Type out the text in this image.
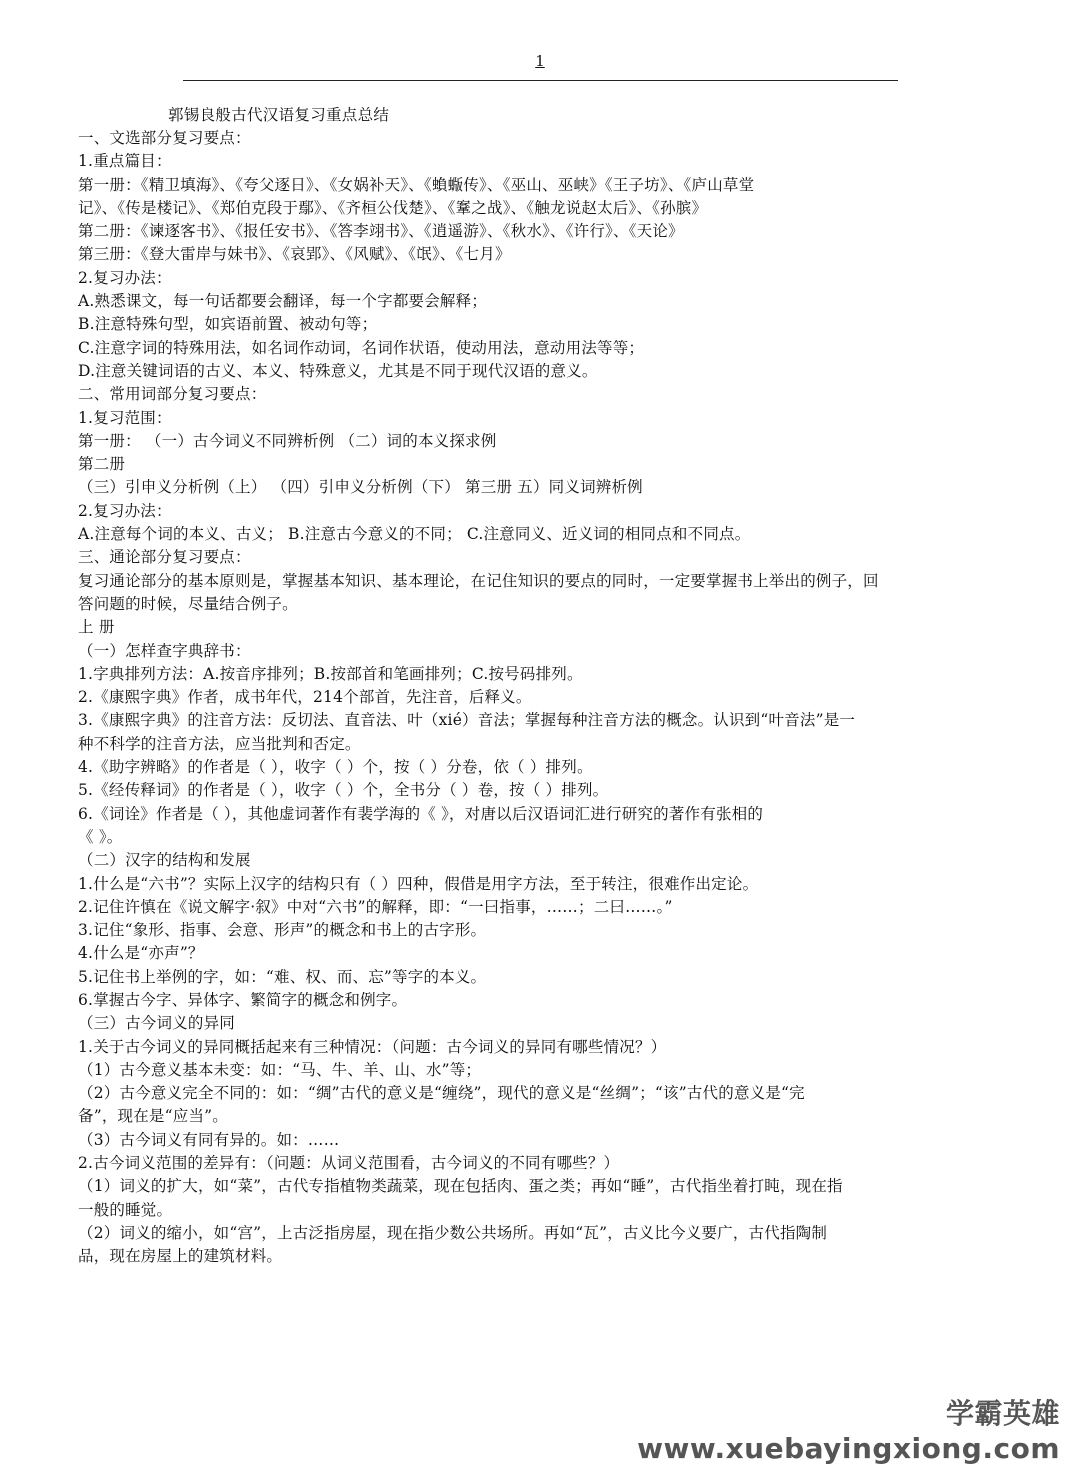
1
郭锡良般古代汉语复习重点总结
一、文选部分复习要点：
1.重点篇目：
第一册：《精卫填海》、《夸父逐日》、《女娲补天》、《蝜蝂传》、《巫山、巫峡》《王子坊》、《庐山草堂
记》、《传是楼记》、《郑伯克段于鄢》、《齐桓公伐楚》、《鞌之战》、《触龙说赵太后》、《孙膑》
第二册：《谏逐客书》、《报任安书》、《答李翊书》、《逍遥游》、《秋水》、《许行》、《天论》
第三册：《登大雷岸与妹书》、《哀郢》、《风赋》、《氓》、《七月》
2.复习办法：
A.熟悉课文，每一句话都要会翻译，每一个字都要会解释；
B.注意特殊句型，如宾语前置、被动句等；
C.注意字词的特殊用法，如名词作动词，名词作状语，使动用法，意动用法等等；
D.注意关键词语的古义、本义、特殊意义，尤其是不同于现代汉语的意义。
二、常用词部分复习要点：
1.复习范围：
第一册： （一）古今词义不同辨析例 （二）词的本义探求例
第二册
（三）引申义分析例（上） （四）引申义分析例（下） 第三册 五）同义词辨析例
2.复习办法：
A.注意每个词的本义、古义； B.注意古今意义的不同； C.注意同义、近义词的相同点和不同点。
三、通论部分复习要点：
复习通论部分的基本原则是，掌握基本知识、基本理论，在记住知识的要点的同时，一定要掌握书上举出的例子，回
答问题的时候，尽量结合例子。
上 册
（一）怎样查字典辞书：
1.字典排列方法：A.按音序排列；B.按部首和笔画排列；C.按号码排列。
2.《康熙字典》作者，成书年代，214个部首，先注音，后释义。
3.《康熙字典》的注音方法：反切法、直音法、叶（xié）音法；掌握每种注音方法的概念。认识到“叶音法”是一
种不科学的注音方法，应当批判和否定。
4.《助字辨略》的作者是（ ），收字（ ）个，按（ ）分卷，依（ ）排列。
5.《经传释词》的作者是（ ），收字（ ）个，全书分（ ）卷，按（ ）排列。
6.《词诠》作者是（ ），其他虚词著作有裴学海的《 》，对唐以后汉语词汇进行研究的著作有张相的
《 》。
（二）汉字的结构和发展
1.什么是“六书”？实际上汉字的结构只有（ ）四种，假借是用字方法，至于转注，很难作出定论。
2.记住许慎在《说文解字·叙》中对“六书”的解释，即：“一曰指事，……；二曰……。”
3.记住“象形、指事、会意、形声”的概念和书上的古字形。
4.什么是“亦声”？
5.记住书上举例的字，如：“难、权、而、忘”等字的本义。
6.掌握古今字、异体字、繁简字的概念和例字。
（三）古今词义的异同
1.关于古今词义的异同概括起来有三种情况：（问题：古今词义的异同有哪些情况？）
（1）古今意义基本未变：如：“马、牛、羊、山、水”等；
（2）古今意义完全不同的：如：“绸”古代的意义是“缠绕”，现代的意义是“丝绸”；“该”古代的意义是“完
备”，现在是“应当”。
（3）古今词义有同有异的。如：……
2.古今词义范围的差异有：（问题：从词义范围看，古今词义的不同有哪些？）
（1）词义的扩大，如“菜”，古代专指植物类蔬菜，现在包括肉、蛋之类；再如“睡”，古代指坐着打盹，现在指
一般的睡觉。
（2）词义的缩小，如“宫”，上古泛指房屋，现在指少数公共场所。再如“瓦”，古义比今义要广，古代指陶制
品，现在房屋上的建筑材料。
学霸英雄 www.xuebayingxiong.com
